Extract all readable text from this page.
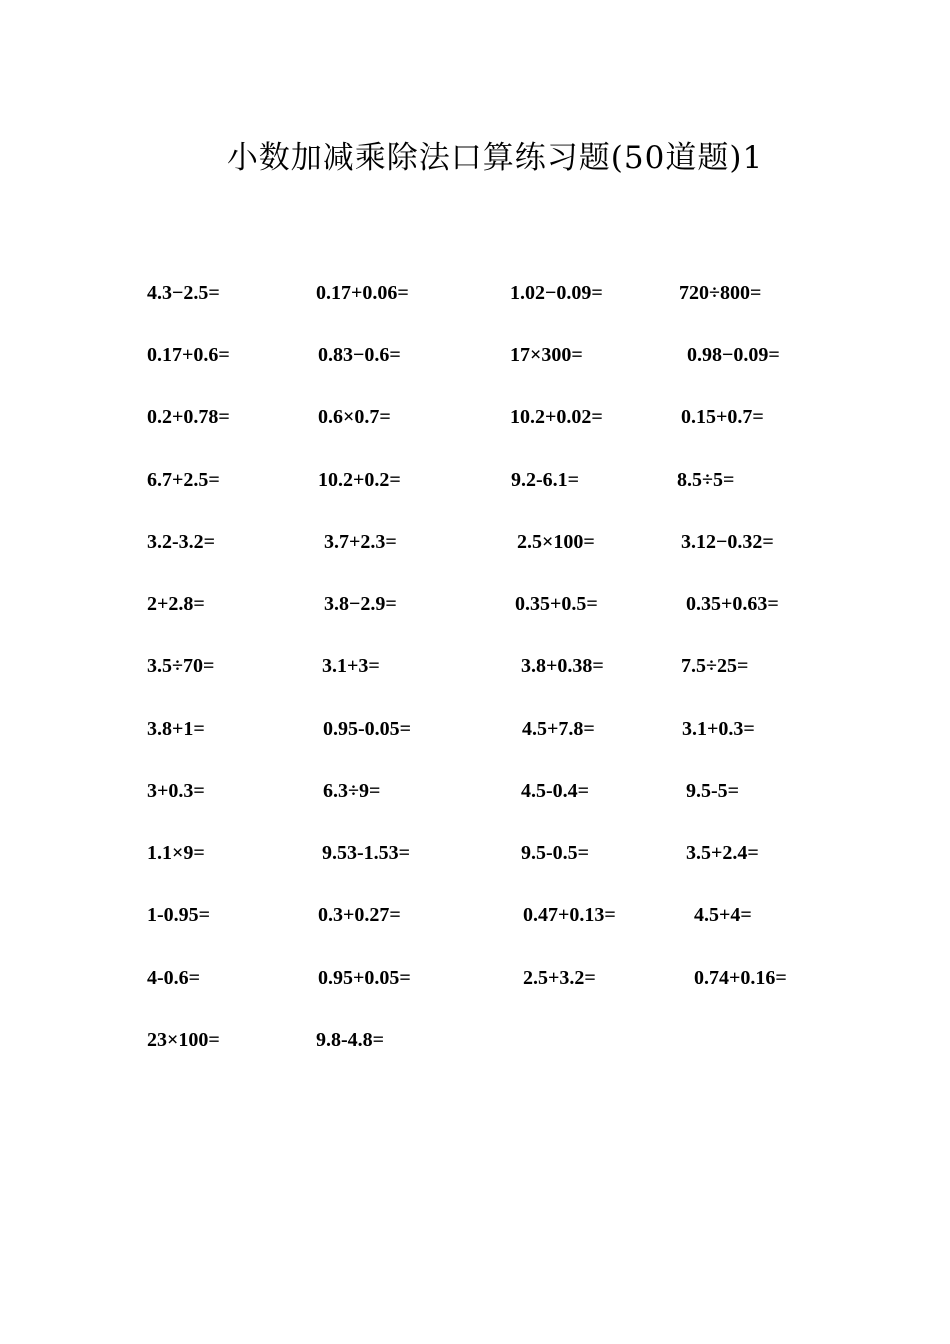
小数加减乘除法口算练习题(50道题)1
4.3−2.5=	0.17+0.06=	1.02−0.09=	720÷800=
0.17+0.6=	0.83−0.6=	17×300=	0.98−0.09=
0.2+0.78=	0.6×0.7=	10.2+0.02=	0.15+0.7=
6.7+2.5=	10.2+0.2=	9.2-6.1=	8.5÷5=
3.2-3.2=	3.7+2.3=	2.5×100=	3.12−0.32=
2+2.8=	3.8−2.9=	0.35+0.5=	0.35+0.63=
3.5÷70=	3.1+3=	3.8+0.38=	7.5÷25=
3.8+1=	0.95-0.05=	4.5+7.8=	3.1+0.3=
3+0.3=	6.3÷9=	4.5-0.4=	9.5-5=
1.1×9=	9.53-1.53=	9.5-0.5=	3.5+2.4=
1-0.95=	0.3+0.27=	0.47+0.13=	4.5+4=
4-0.6=	0.95+0.05=	2.5+3.2=	0.74+0.16=
23×100=	9.8-4.8=
